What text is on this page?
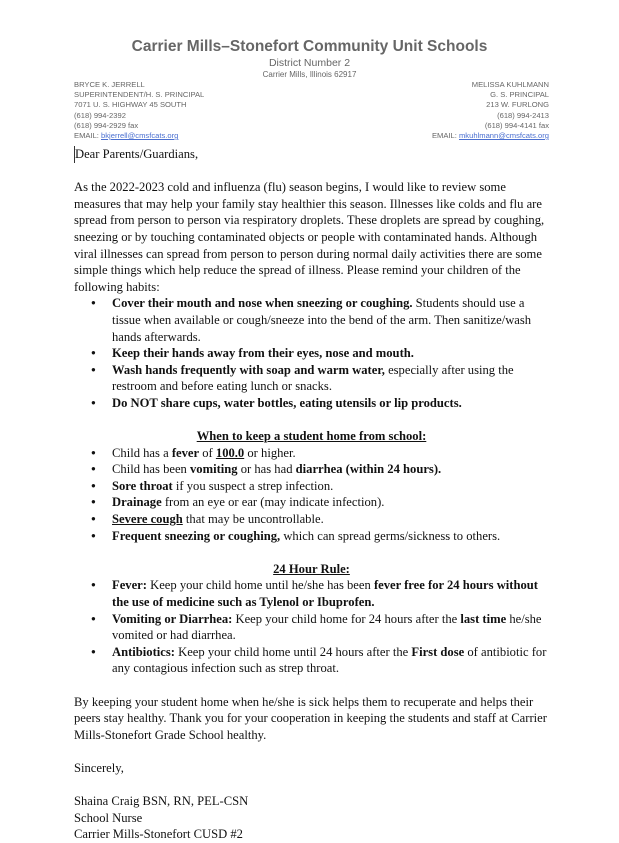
Carrier Mills–Stonefort Community Unit Schools
District Number 2
Carrier Mills, Illinois 62917
BRYCE K. JERRELL
SUPERINTENDENT/H. S. PRINCIPAL
7071 U. S. HIGHWAY 45 SOUTH
(618) 994-2392
(618) 994-2929 fax
EMAIL: bkjerrell@cmsfcats.org
MELISSA KUHLMANN
G. S. PRINCIPAL
213 W. FURLONG
(618) 994-2413
(618) 994-4141 fax
EMAIL: mkuhlmann@cmsfcats.org

Dear Parents/Guardians,

As the 2022-2023 cold and influenza (flu) season begins, I would like to review some measures that may help your family stay healthier this season. Illnesses like colds and flu are spread from person to person via respiratory droplets. These droplets are spread by coughing, sneezing or by touching contaminated objects or people with contaminated hands. Although viral illnesses can spread from person to person during normal daily activities there are some simple things which help reduce the spread of illness. Please remind your children of the following habits:

● Cover their mouth and nose when sneezing or coughing. Students should use a tissue when available or cough/sneeze into the bend of the arm. Then sanitize/wash hands afterwards.
● Keep their hands away from their eyes, nose and mouth.
● Wash hands frequently with soap and warm water, especially after using the restroom and before eating lunch or snacks.
● Do NOT share cups, water bottles, eating utensils or lip products.

When to keep a student home from school:

● Child has a fever of 100.0 or higher.
● Child has been vomiting or has had diarrhea (within 24 hours).
● Sore throat if you suspect a strep infection.
● Drainage from an eye or ear (may indicate infection).
● Severe cough that may be uncontrollable.
● Frequent sneezing or coughing, which can spread germs/sickness to others.

24 Hour Rule:

● Fever: Keep your child home until he/she has been fever free for 24 hours without the use of medicine such as Tylenol or Ibuprofen.
● Vomiting or Diarrhea: Keep your child home for 24 hours after the last time he/she vomited or had diarrhea.
● Antibiotics: Keep your child home until 24 hours after the First dose of antibiotic for any contagious infection such as strep throat.

By keeping your student home when he/she is sick helps them to recuperate and helps their peers stay healthy. Thank you for your cooperation in keeping the students and staff at Carrier Mills-Stonefort Grade School healthy.

Sincerely,

Shaina Craig BSN, RN, PEL-CSN

School Nurse

Carrier Mills-Stonefort CUSD #2
